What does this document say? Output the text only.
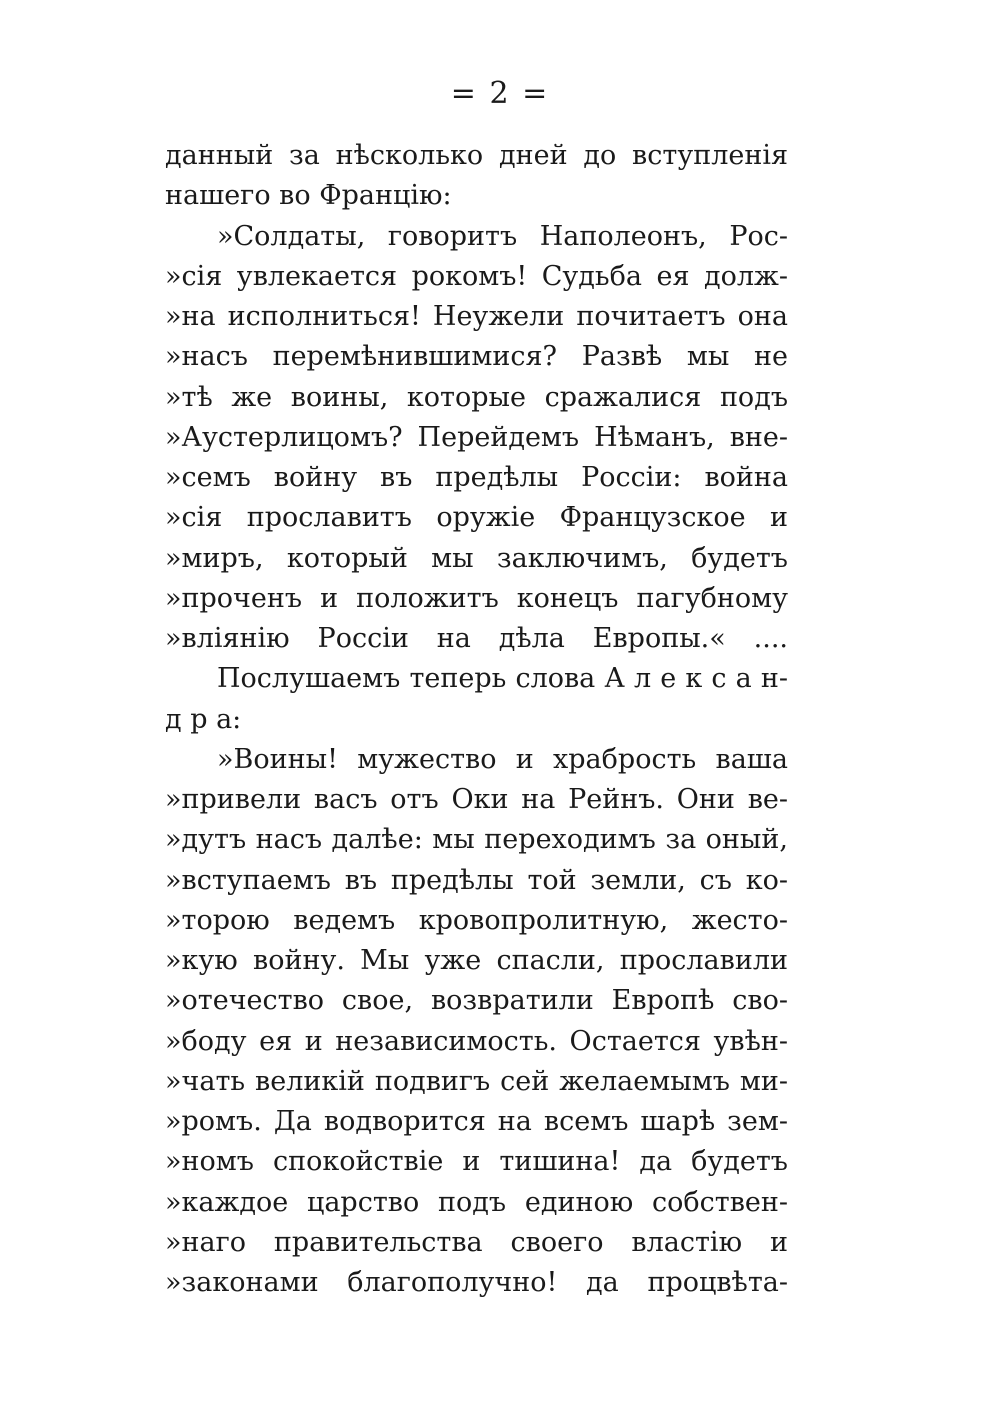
= 2 =
данный за нѣсколько дней до вступленія
нашего во Францію:
»Солдаты, говоритъ Наполеонъ, Рос-
»сія увлекается рокомъ! Судьба ея долж-
»на исполниться! Неужели почитаетъ она
»насъ перемѣнившимися? Развѣ мы не
»тѣ же воины, которые сражалися подъ
»Аустерлицомъ? Перейдемъ Нѣманъ, вне-
»семъ войну въ предѣлы Россіи: война
»сія прославитъ оружіе Французское и
»миръ, который мы заключимъ, будетъ
»проченъ и положитъ конецъ пагубному
»вліянію Россіи на дѣла Европы.« ....
Послушаемъ теперь слова А л е к с а н-
д р а:
»Воины! мужество и храбрость ваша
»привели васъ отъ Оки на Рейнъ. Они ве-
»дутъ насъ далѣе: мы переходимъ за оный,
»вступаемъ въ предѣлы той земли, съ ко-
»торою ведемъ кровопролитную, жесто-
»кую войну. Мы уже спасли, прославили
»отечество свое, возвратили Европѣ сво-
»боду ея и независимость. Остается увѣн-
»чать великій подвигъ сей желаемымъ ми-
»ромъ. Да водворится на всемъ шарѣ зем-
»номъ спокойствіе и тишина! да будетъ
»каждое царство подъ единою собствен-
»наго правительства своего властію и
»законами благополучно! да процвѣта-
